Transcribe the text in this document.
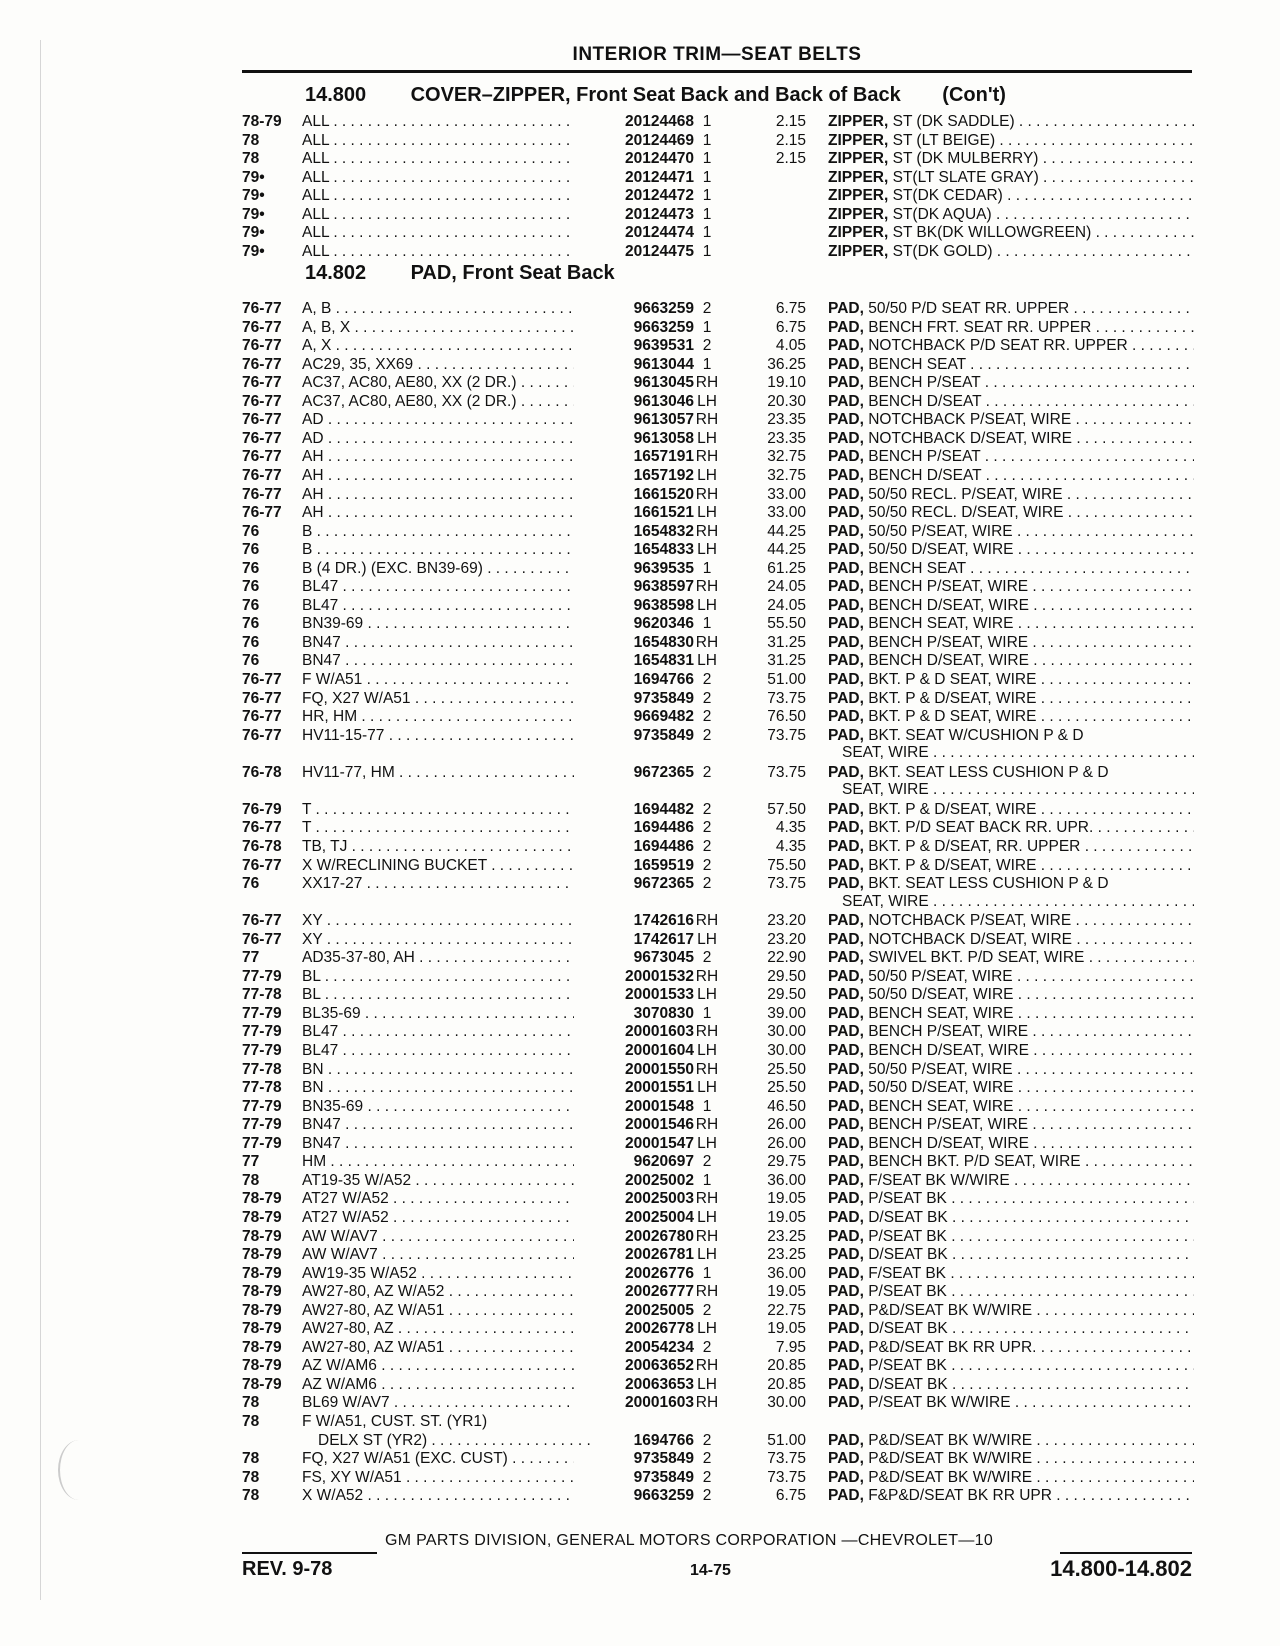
INTERIOR TRIM—SEAT BELTS
14.800 COVER–ZIPPER, Front Seat Back and Back of Back (Con't)
78-79 ALL . . .	20124468 1	2.15 ZIPPER, ST (DK SADDLE) . . .
78	ALL . . .	20124469 1	2.15 ZIPPER, ST (LT BEIGE) . . .
78	ALL . . .	20124470 1	2.15 ZIPPER, ST (DK MULBERRY) . . .
79• ALL . . .	20124471 1	ZIPPER, ST(LT SLATE GRAY) . . .
79• ALL . . .	20124472 1	ZIPPER, ST(DK CEDAR) . . .
79• ALL . . .	20124473 1	ZIPPER, ST(DK AQUA) . . .
79• ALL . . .	20124474 1	ZIPPER, ST BK(DK WILLOWGREEN) . . .
79• ALL . . .	20124475 1	ZIPPER, ST(DK GOLD) . . .
14.802 PAD, Front Seat Back
76-77 A, B . . .	9663259 2	6.75 PAD, 50/50 P/D SEAT RR. UPPER . . .
76-77 A, B, X . . .	9663259 1	6.75 PAD, BENCH FRT. SEAT RR. UPPER . . .
76-77 A, X . . .	9639531 2	4.05 PAD, NOTCHBACK P/D SEAT RR. UPPER . . .
76-77 AC29, 35, XX69 . . .	9613044 1	36.25 PAD, BENCH SEAT . . .
76-77 AC37, AC80, AE80, XX (2 DR.) . . .	9613045 RH	19.10 PAD, BENCH P/SEAT . . .
76-77 AC37, AC80, AE80, XX (2 DR.) . . .	9613046 LH	20.30 PAD, BENCH D/SEAT . . .
76-77 AD . . .	9613057 RH	23.35 PAD, NOTCHBACK P/SEAT, WIRE . . .
76-77 AD . . .	9613058 LH	23.35 PAD, NOTCHBACK D/SEAT, WIRE . . .
76-77 AH . . .	1657191 RH	32.75 PAD, BENCH P/SEAT . . .
76-77 AH . . .	1657192 LH	32.75 PAD, BENCH D/SEAT . . .
76-77 AH . . .	1661520 RH	33.00 PAD, 50/50 RECL. P/SEAT, WIRE . . .
76-77 AH . . .	1661521 LH	33.00 PAD, 50/50 RECL. D/SEAT, WIRE . . .
76	B . . .	1654832 RH	44.25 PAD, 50/50 P/SEAT, WIRE . . .
76	B . . .	1654833 LH	44.25 PAD, 50/50 D/SEAT, WIRE . . .
76	B (4 DR.) (EXC. BN39-69) . . .	9639535 1	61.25 PAD, BENCH SEAT . . .
76	BL47 . . .	9638597 RH	24.05 PAD, BENCH P/SEAT, WIRE . . .
76	BL47 . . .	9638598 LH	24.05 PAD, BENCH D/SEAT, WIRE . . .
76	BN39-69 . . .	9620346 1	55.50 PAD, BENCH SEAT, WIRE . . .
76	BN47 . . .	1654830 RH	31.25 PAD, BENCH P/SEAT, WIRE . . .
76	BN47 . . .	1654831 LH	31.25 PAD, BENCH D/SEAT, WIRE . . .
76-77 F W/A51 . . .	1694766 2	51.00 PAD, BKT. P & D SEAT, WIRE . . .
76-77 FQ, X27 W/A51 . . .	9735849 2	73.75 PAD, BKT. P & D/SEAT, WIRE . . .
76-77 HR, HM . . .	9669482 2	76.50 PAD, BKT. P & D SEAT, WIRE . . .
76-77 HV11-15-77 . . .	9735849 2	73.75 PAD, BKT. SEAT W/CUSHION P & D
SEAT, WIRE . . .
76-78 HV11-77, HM . . .	9672365 2	73.75 PAD, BKT. SEAT LESS CUSHION P & D
SEAT, WIRE . . .
76-79 T . . .	1694482 2	57.50 PAD, BKT. P & D/SEAT, WIRE . . .
76-77 T . . .	1694486 2	4.35 PAD, BKT. P/D SEAT BACK RR. UPR. . . .
76-78 TB, TJ . . .	1694486 2	4.35 PAD, BKT. P & D/SEAT, RR. UPPER . . .
76-77 X W/RECLINING BUCKET . . .	1659519 2	75.50 PAD, BKT. P & D/SEAT, WIRE . . .
76	XX17-27 . . .	9672365 2	73.75 PAD, BKT. SEAT LESS CUSHION P & D
SEAT, WIRE . . .
76-77 XY . . .	1742616 RH	23.20 PAD, NOTCHBACK P/SEAT, WIRE . . .
76-77 XY . . .	1742617 LH	23.20 PAD, NOTCHBACK D/SEAT, WIRE . . .
77	AD35-37-80, AH . . .	9673045 2	22.90 PAD, SWIVEL BKT. P/D SEAT, WIRE . . .
77-79 BL . . .	20001532 RH	29.50 PAD, 50/50 P/SEAT, WIRE . . .
77-78 BL . . .	20001533 LH	29.50 PAD, 50/50 D/SEAT, WIRE . . .
77-79 BL35-69 . . .	3070830 1	39.00 PAD, BENCH SEAT, WIRE . . .
77-79 BL47 . . .	20001603 RH	30.00 PAD, BENCH P/SEAT, WIRE . . .
77-79 BL47 . . .	20001604 LH	30.00 PAD, BENCH D/SEAT, WIRE . . .
77-78 BN . . .	20001550 RH	25.50 PAD, 50/50 P/SEAT, WIRE . . .
77-78 BN . . .	20001551 LH	25.50 PAD, 50/50 D/SEAT, WIRE . . .
77-79 BN35-69 . . .	20001548 1	46.50 PAD, BENCH SEAT, WIRE . . .
77-79 BN47 . . .	20001546 RH	26.00 PAD, BENCH P/SEAT, WIRE . . .
77-79 BN47 . . .	20001547 LH	26.00 PAD, BENCH D/SEAT, WIRE . . .
77	HM . . .	9620697 2	29.75 PAD, BENCH BKT. P/D SEAT, WIRE . . .
78	AT19-35 W/A52 . . .	20025002 1	36.00 PAD, F/SEAT BK W/WIRE . . .
78-79 AT27 W/A52 . . .	20025003 RH	19.05 PAD, P/SEAT BK . . .
78-79 AT27 W/A52 . . .	20025004 LH	19.05 PAD, D/SEAT BK . . .
78-79 AW W/AV7 . . .	20026780 RH	23.25 PAD, P/SEAT BK . . .
78-79 AW W/AV7 . . .	20026781 LH	23.25 PAD, D/SEAT BK . . .
78-79 AW19-35 W/A52 . . .	20026776 1	36.00 PAD, F/SEAT BK . . .
78-79 AW27-80, AZ W/A52 . . .	20026777 RH	19.05 PAD, P/SEAT BK . . .
78-79 AW27-80, AZ W/A51 . . .	20025005 2	22.75 PAD, P&D/SEAT BK W/WIRE . . .
78-79 AW27-80, AZ . . .	20026778 LH	19.05 PAD, D/SEAT BK . . .
78-79 AW27-80, AZ W/A51 . . .	20054234 2	7.95 PAD, P&D/SEAT BK RR UPR. . . .
78-79 AZ W/AM6 . . .	20063652 RH	20.85 PAD, P/SEAT BK . . .
78-79 AZ W/AM6 . . .	20063653 LH	20.85 PAD, D/SEAT BK . . .
78	BL69 W/AV7 . . .	20001603 RH	30.00 PAD, P/SEAT BK W/WIRE . . .
78	F W/A51, CUST. ST. (YR1)
DELX ST (YR2) . . .	1694766 2	51.00 PAD, P&D/SEAT BK W/WIRE . . .
78	FQ, X27 W/A51 (EXC. CUST) . . .	9735849 2	73.75 PAD, P&D/SEAT BK W/WIRE . . .
78	FS, XY W/A51 . . .	9735849 2	73.75 PAD, P&D/SEAT BK W/WIRE . . .
78	X W/A52 . . .	9663259 2	6.75 PAD, F&P&D/SEAT BK RR UPR . . .
GM PARTS DIVISION, GENERAL MOTORS CORPORATION —CHEVROLET—10
REV. 9-78	14-75	14.800-14.802
